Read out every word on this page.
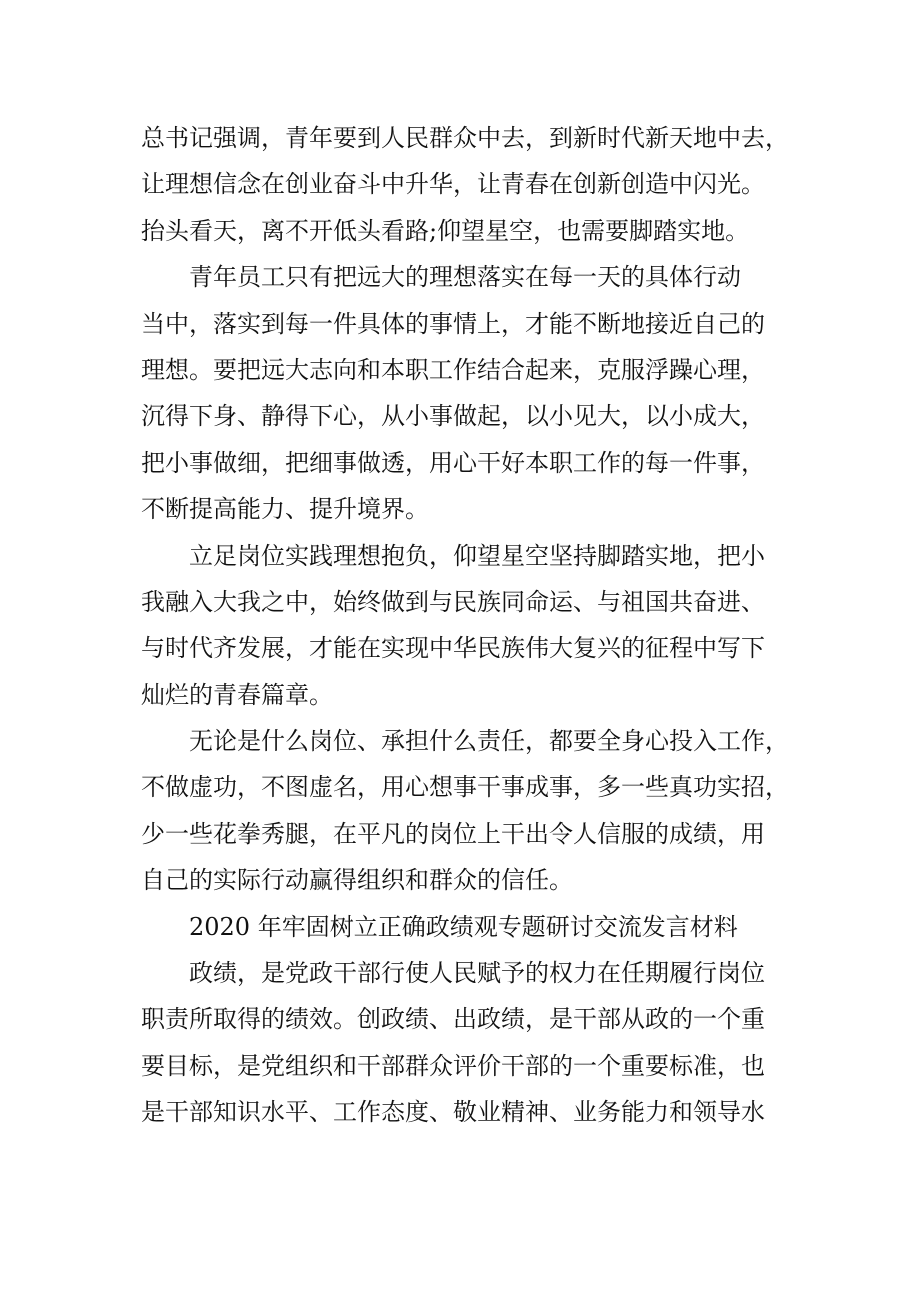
总书记强调，青年要到人民群众中去，到新时代新天地中去，
让理想信念在创业奋斗中升华，让青春在创新创造中闪光。
抬头看天，离不开低头看路;仰望星空，也需要脚踏实地。
青年员工只有把远大的理想落实在每一天的具体行动
当中，落实到每一件具体的事情上，才能不断地接近自己的
理想。要把远大志向和本职工作结合起来，克服浮躁心理，
沉得下身、静得下心，从小事做起，以小见大，以小成大，
把小事做细，把细事做透，用心干好本职工作的每一件事，
不断提高能力、提升境界。
立足岗位实践理想抱负，仰望星空坚持脚踏实地，把小
我融入大我之中，始终做到与民族同命运、与祖国共奋进、
与时代齐发展，才能在实现中华民族伟大复兴的征程中写下
灿烂的青春篇章。
无论是什么岗位、承担什么责任，都要全身心投入工作，
不做虚功，不图虚名，用心想事干事成事，多一些真功实招，
少一些花拳秀腿，在平凡的岗位上干出令人信服的成绩，用
自己的实际行动赢得组织和群众的信任。
2020 年牢固树立正确政绩观专题研讨交流发言材料
政绩，是党政干部行使人民赋予的权力在任期履行岗位
职责所取得的绩效。创政绩、出政绩，是干部从政的一个重
要目标，是党组织和干部群众评价干部的一个重要标准，也
是干部知识水平、工作态度、敬业精神、业务能力和领导水
